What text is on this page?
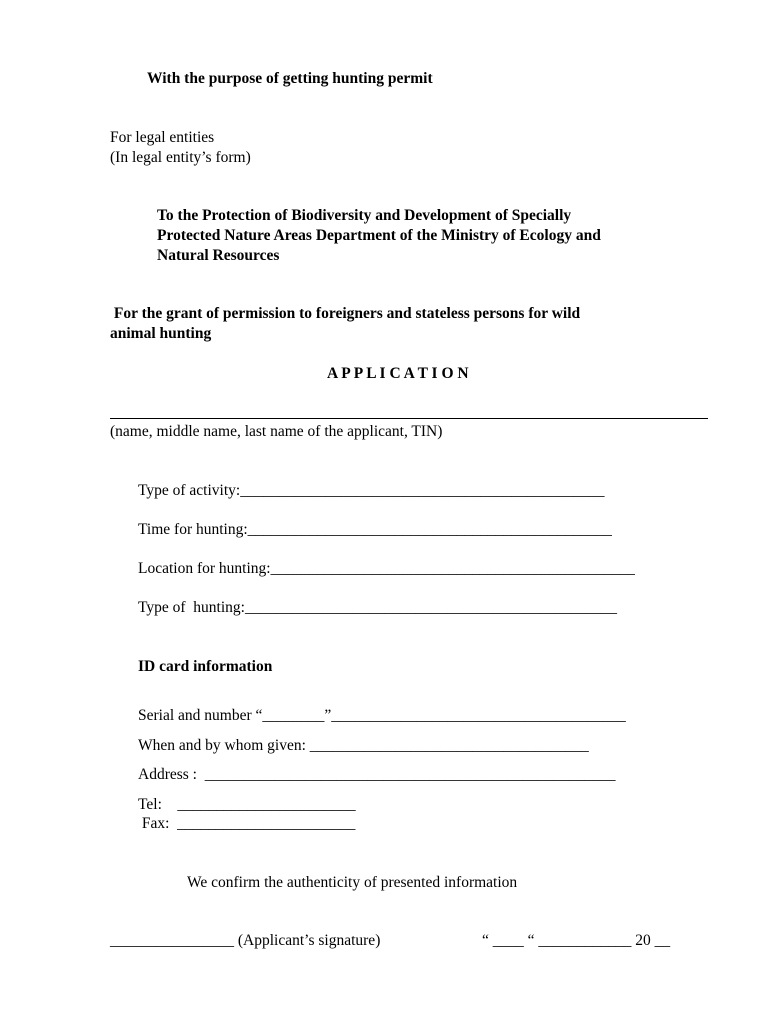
With the purpose of getting hunting permit
For legal entities
(In legal entity’s form)
To the Protection of Biodiversity and Development of Specially
Protected Nature Areas Department of the Ministry of Ecology and
Natural Resources
For the grant of permission to foreigners and stateless persons for wild
animal hunting
A P P L I C A T I O N
(name, middle name, last name of the applicant, TIN)
Type of activity:_______________________________________________
Time for hunting:_______________________________________________
Location for hunting:_______________________________________________
Type of  hunting:________________________________________________
ID card information
Serial and number “________”______________________________________
When and by whom given: ____________________________________
Address :  _____________________________________________________
Tel:    _______________________
Fax:  _______________________
We confirm the authenticity of presented information
________________ (Applicant’s signature)	“ ____ “ ____________ 20 __
